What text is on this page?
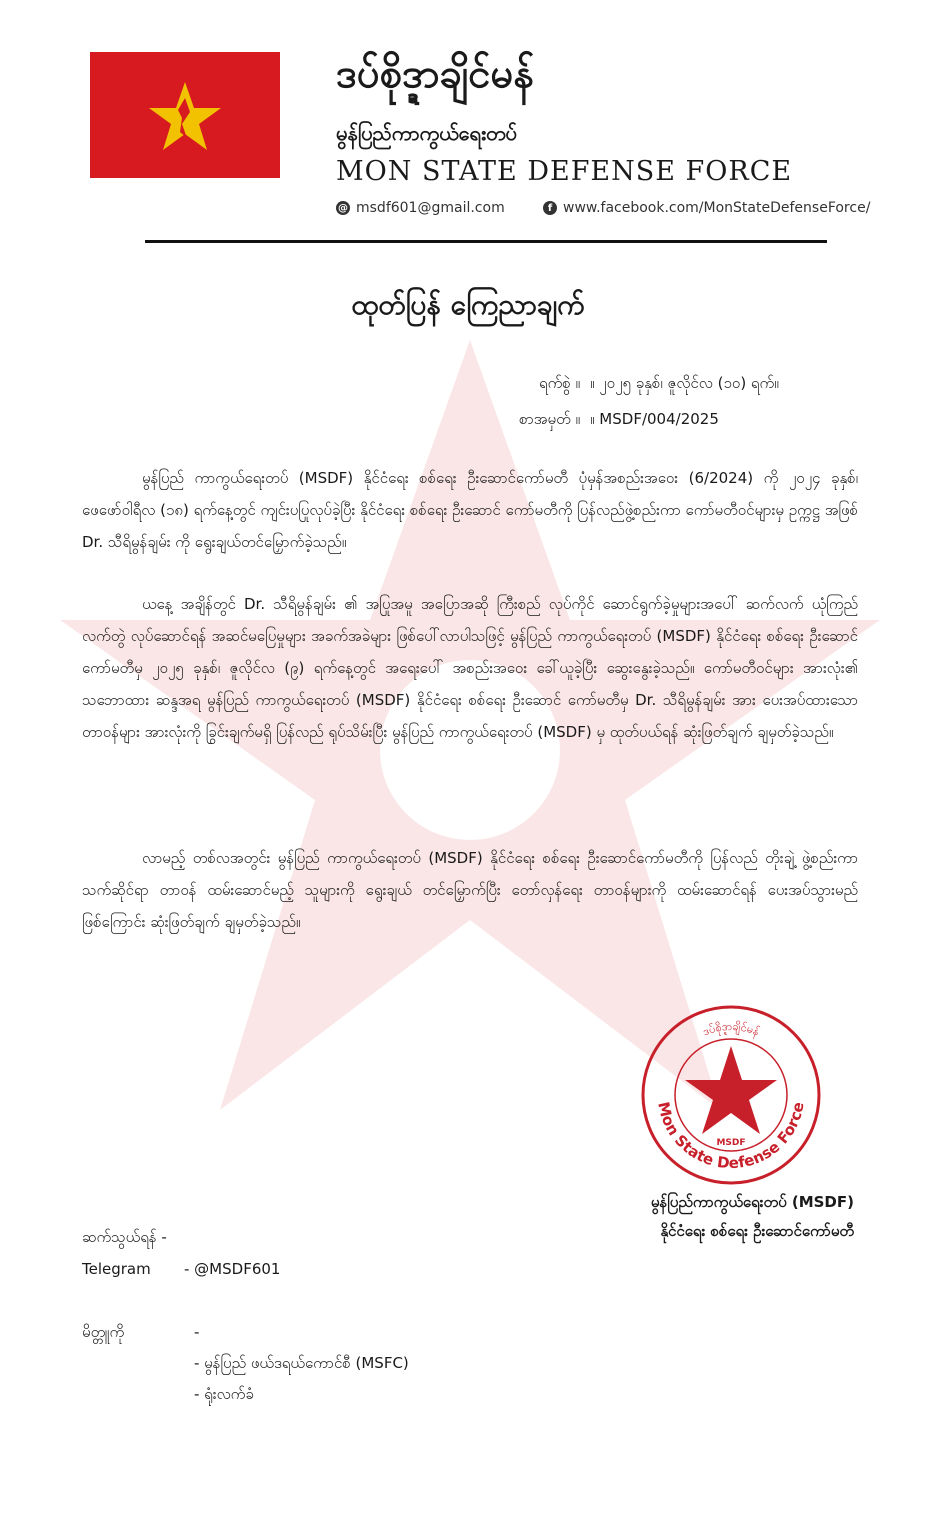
ဒပ်စိုဒ္ဍာချိင်မန်
မွန်ပြည်ကာကွယ်ရေးတပ်
MON STATE DEFENSE FORCE
@ msdf601@gmail.com	f www.facebook.com/MonStateDefenseForce/
ထုတ်ပြန် ကြေညာချက်
ရက်စွဲ ။ ။ ၂၀၂၅ ခုနှစ်၊ ဇူလိုင်လ (၁၀) ရက်။
စာအမှတ် ။ ။ MSDF/004/2025
မွန်ပြည် ကာကွယ်ရေးတပ် (MSDF) နိုင်ငံရေး စစ်ရေး ဦးဆောင်ကော်မတီ ပုံမှန်အစည်းအဝေး (6/2024) ကို ၂၀၂၄ ခုနှစ်၊ ဖေဖော်ဝါရီလ (၁၈) ရက်နေ့တွင် ကျင်းပပြုလုပ်ခဲ့ပြီး နိုင်ငံရေး စစ်ရေး ဦးဆောင် ကော်မတီကို ပြန်လည်ဖွဲ့စည်းကာ ကော်မတီဝင်များမှ ဥက္ကဋ္ဌ အဖြစ် Dr. သီရိမွန်ချမ်း ကို ရွေးချယ်တင်မြှောက်ခဲ့သည်။
ယနေ့ အချိန်တွင် Dr. သီရိမွန်ချမ်း ၏ အပြုအမူ အပြောအဆို ကြီးစည် လုပ်ကိုင် ဆောင်ရွက်ခဲ့မှုများအပေါ် ဆက်လက် ယုံကြည် လက်တွဲ လုပ်ဆောင်ရန် အဆင်မပြေမှုများ အခက်အခဲများ ဖြစ်ပေါ်လာပါသဖြင့် မွန်ပြည် ကာကွယ်ရေးတပ် (MSDF) နိုင်ငံရေး စစ်ရေး ဦးဆောင်ကော်မတီမှ ၂၀၂၅ ခုနှစ်၊ ဇူလိုင်လ (၉) ရက်နေ့တွင် အရေးပေါ် အစည်းအဝေး ခေါ်ယူခဲ့ပြီး ဆွေးနွေးခဲ့သည်။ ကော်မတီဝင်များ အားလုံး၏ သဘောထား ဆန္ဒအရ မွန်ပြည် ကာကွယ်ရေးတပ် (MSDF) နိုင်ငံရေး စစ်ရေး ဦးဆောင် ကော်မတီမှ Dr. သီရိမွန်ချမ်း အား ပေးအပ်ထားသော တာဝန်များ အားလုံးကို ခြွင်းချက်မရှိ ပြန်လည် ရုပ်သိမ်းပြီး မွန်ပြည် ကာကွယ်ရေးတပ် (MSDF) မှ ထုတ်ပယ်ရန် ဆုံးဖြတ်ချက် ချမှတ်ခဲ့သည်။
လာမည့် တစ်လအတွင်း မွန်ပြည် ကာကွယ်ရေးတပ် (MSDF) နိုင်ငံရေး စစ်ရေး ဦးဆောင်ကော်မတီကို ပြန်လည် တိုးချဲ့ ဖွဲ့စည်းကာ သက်ဆိုင်ရာ တာဝန် ထမ်းဆောင်မည့် သူများကို ရွေးချယ် တင်မြှောက်ပြီး တော်လှန်ရေး တာဝန်များကို ထမ်းဆောင်ရန် ပေးအပ်သွားမည် ဖြစ်ကြောင်း ဆုံးဖြတ်ချက် ချမှတ်ခဲ့သည်။
ဒပ်စိုဒ္ဍာချိင်မန်
Mon State Defense Force
MSDF
မွန်ပြည်ကာကွယ်ရေးတပ် (MSDF)
နိုင်ငံရေး စစ်ရေး ဦးဆောင်ကော်မတီ
ဆက်သွယ်ရန် -
Telegram - @MSDF601
မိတ္တူကို	-
- မွန်ပြည် ဖယ်ဒရယ်ကောင်စီ (MSFC)
- ရုံးလက်ခံ
